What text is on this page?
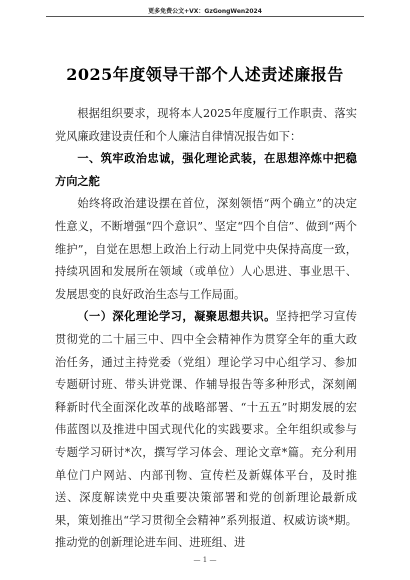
更多免费公文+VX：GzGongWen2024
2025年度领导干部个人述责述廉报告

根据组织要求，现将本人2025年度履行工作职责、落实党风廉政建设责任和个人廉洁自律情况报告如下：

一、筑牢政治忠诚，强化理论武装，在思想淬炼中把稳方向之舵

始终将政治建设摆在首位，深刻领悟“两个确立”的决定性意义，不断增强“四个意识”、坚定“四个自信”、做到“两个维护”，自觉在思想上政治上行动上同党中央保持高度一致，持续巩固和发展所在领域（或单位）人心思进、事业思干、发展思变的良好政治生态与工作局面。

（一）深化理论学习，凝聚思想共识。坚持把学习宣传贯彻党的二十届三中、四中全会精神作为贯穿全年的重大政治任务，通过主持党委（党组）理论学习中心组学习、参加专题研讨班、带头讲党课、作辅导报告等多种形式，深刻阐释新时代全面深化改革的战略部署、“十五五”时期发展的宏伟蓝图以及推进中国式现代化的实践要求。全年组织或参与专题学习研讨*次，撰写学习体会、理论文章*篇。充分利用单位门户网站、内部刊物、宣传栏及新媒体平台，及时推送、深度解读党中央重要决策部署和党的创新理论最新成果，策划推出“学习贯彻全会精神”系列报道、权威访谈*期。推动党的创新理论进车间、进班组、进

— 1 —
